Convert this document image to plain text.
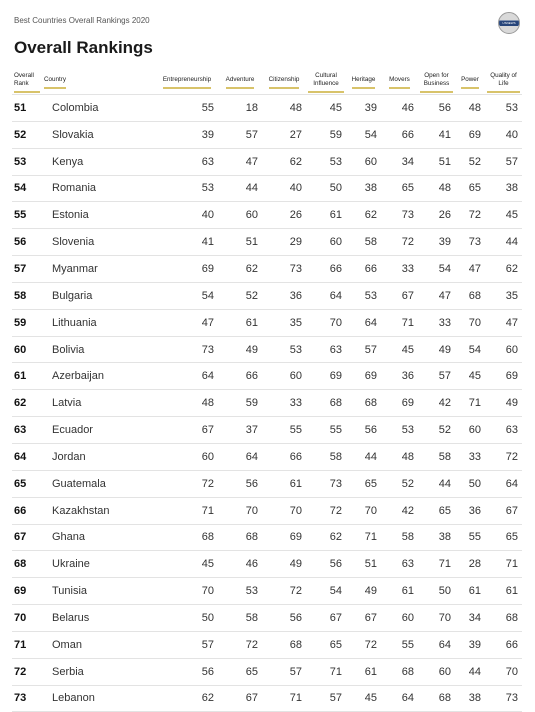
Best Countries Overall Rankings 2020	USNEWS
Overall Rankings
Overall Rank	Country	Entrepreneurship	Adventure	Citizenship	Cultural Influence	Heritage	Movers	Open for Business	Power	Quality of Life
51	Colombia	55	18	48	45	39	46	56	48	53
52	Slovakia	39	57	27	59	54	66	41	69	40
53	Kenya	63	47	62	53	60	34	51	52	57
54	Romania	53	44	40	50	38	65	48	65	38
55	Estonia	40	60	26	61	62	73	26	72	45
56	Slovenia	41	51	29	60	58	72	39	73	44
57	Myanmar	69	62	73	66	66	33	54	47	62
58	Bulgaria	54	52	36	64	53	67	47	68	35
59	Lithuania	47	61	35	70	64	71	33	70	47
60	Bolivia	73	49	53	63	57	45	49	54	60
61	Azerbaijan	64	66	60	69	69	36	57	45	69
62	Latvia	48	59	33	68	68	69	42	71	49
63	Ecuador	67	37	55	55	56	53	52	60	63
64	Jordan	60	64	66	58	44	48	58	33	72
65	Guatemala	72	56	61	73	65	52	44	50	64
66	Kazakhstan	71	70	70	72	70	42	65	36	67
67	Ghana	68	68	69	62	71	58	38	55	65
68	Ukraine	45	46	49	56	51	63	71	28	71
69	Tunisia	70	53	72	54	49	61	50	61	61
70	Belarus	50	58	56	67	67	60	70	34	68
71	Oman	57	72	68	65	72	55	64	39	66
72	Serbia	56	65	57	71	61	68	60	44	70
73	Lebanon	62	67	71	57	45	64	68	38	73
